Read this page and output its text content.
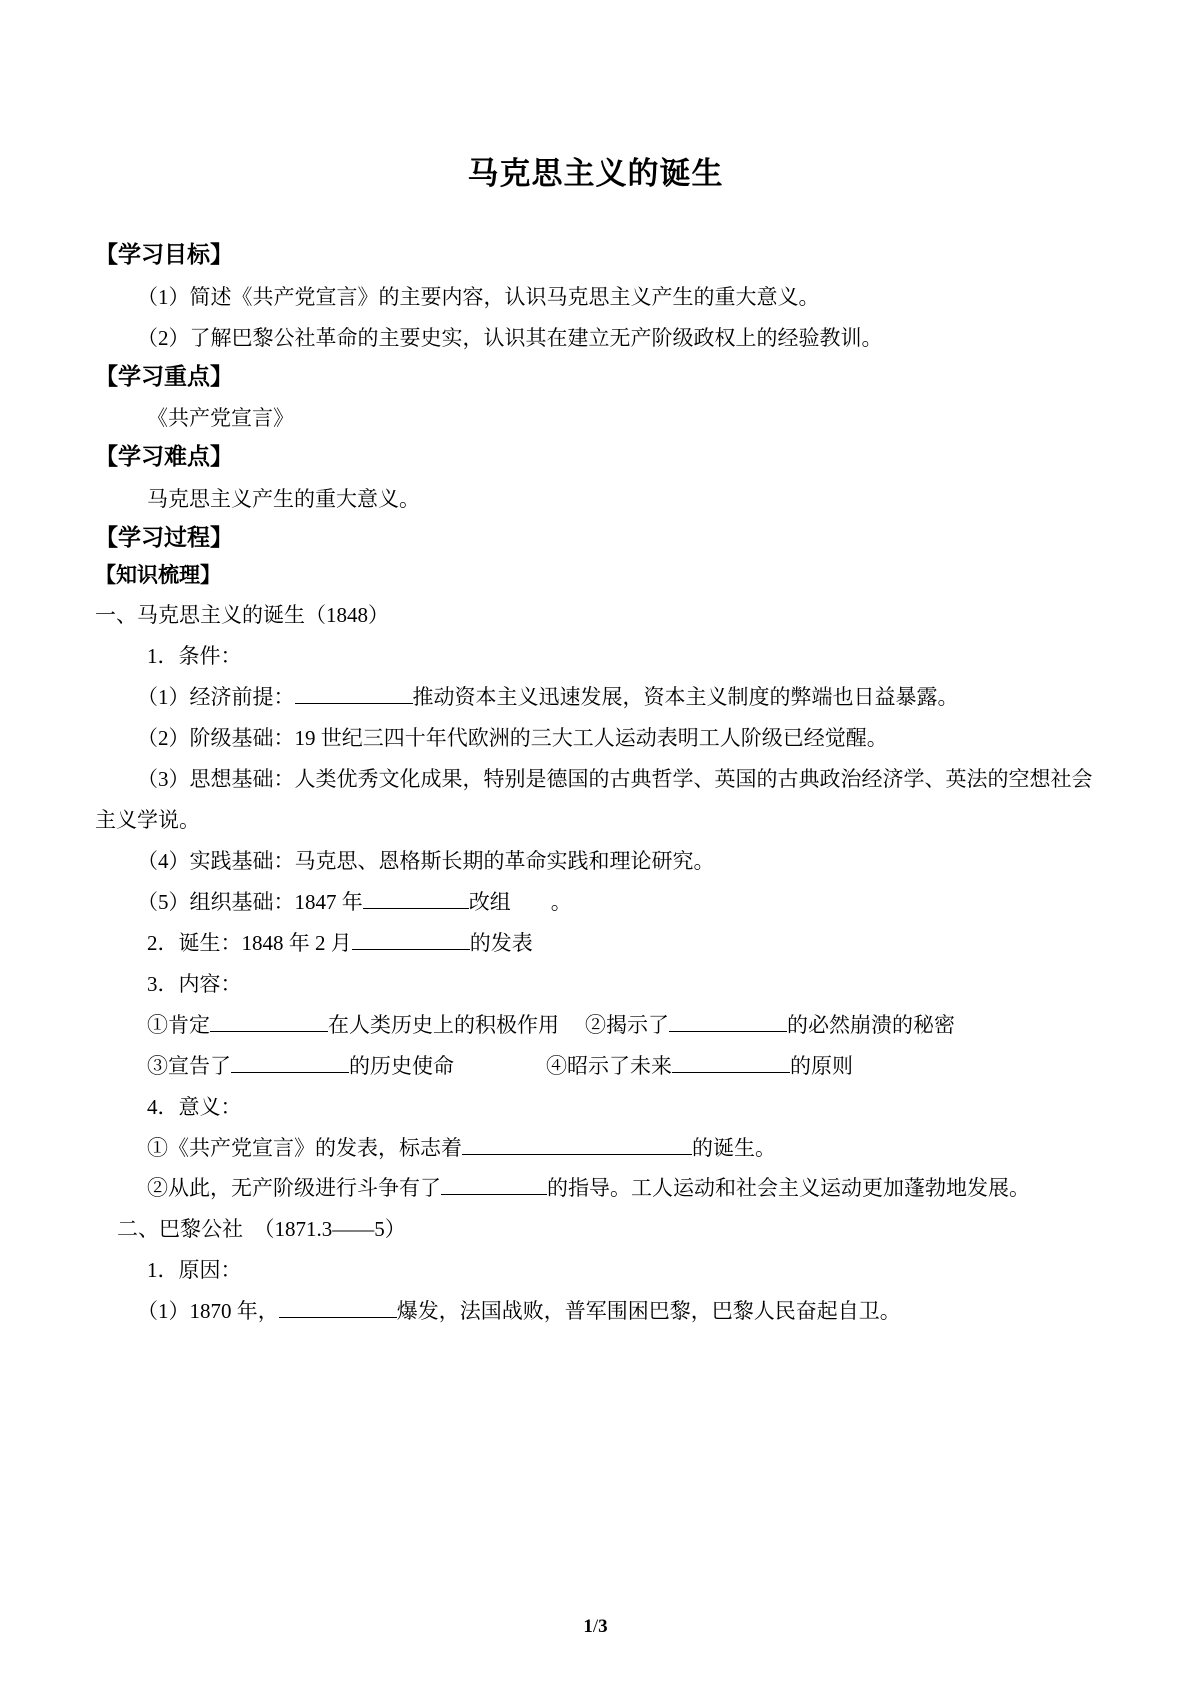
马克思主义的诞生
【学习目标】

（1）简述《共产党宣言》的主要内容，认识马克思主义产生的重大意义。

（2）了解巴黎公社革命的主要史实，认识其在建立无产阶级政权上的经验教训。

【学习重点】

《共产党宣言》

【学习难点】

马克思主义产生的重大意义。

【学习过程】
【知识梳理】

一、马克思主义的诞生（1848）

1．条件：

（1）经济前提：	推动资本主义迅速发展，资本主义制度的弊端也日益暴露。

（2）阶级基础：19 世纪三四十年代欧洲的三大工人运动表明工人阶级已经觉醒。

（3）思想基础：人类优秀文化成果，特别是德国的古典哲学、英国的古典政治经济学、英法的空想社会主义学说。

（4）实践基础：马克思、恩格斯长期的革命实践和理论研究。

（5）组织基础：1847 年	改组 。

2．诞生：1848 年 2 月	的发表

3．内容：

①肯定	在人类历史上的积极作用 ②揭示了	的必然崩溃的秘密

③宣告了	的历史使命	④昭示了未来	的原则

4．意义：

①《共产党宣言》的发表，标志着	的诞生。

②从此，无产阶级进行斗争有了	的指导。工人运动和社会主义运动更加蓬勃地发展。

二、巴黎公社　（1871.3——5）

1．原因：

（1）1870 年，	爆发，法国战败，普军围困巴黎，巴黎人民奋起自卫。

1/3
